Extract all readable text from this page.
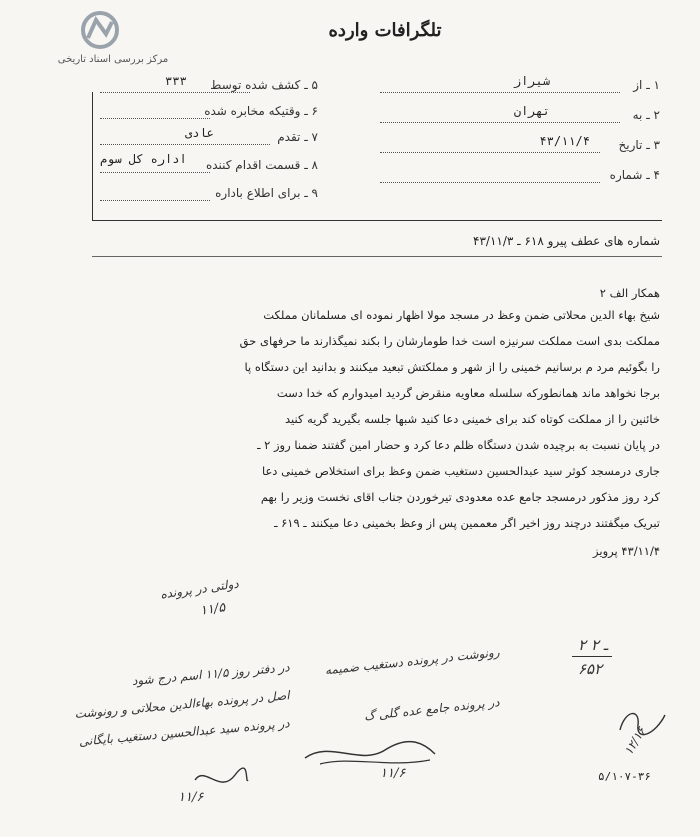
مرکز بررسی اسناد تاریخی
تلگرافات وارده
۱ ـ از
شیراز
۲ ـ به
تهران
۳ ـ تاریخ
۴۳/۱۱/۴
۴ ـ شماره
۵ ـ کشف شده توسط
۳۳۳
۶ ـ وقتیکه مخابره شده
۷ ـ تقدم
عادی
۸ ـ قسمت اقدام کننده
اداره کل سوم
۹ ـ برای اطلاع باداره
شماره های عطف پیرو ۶۱۸ ـ ۴۳/۱۱/۳
همکار الف ۲
شیخ بهاء الدین محلاتی ضمن وعظ در مسجد مولا اظهار نموده ای مسلمانان مملکت
مملکت بدی است مملکت سرنیزه است خدا طومارشان را بکند نمیگذارند ما حرفهای حق
را بگوئیم مرد م برسانیم خمینی را از شهر و مملکتش تبعید میکنند و بدانید این دستگاه پا
برجا نخواهد ماند همانطورکه سلسله معاویه منقرض گردید امیدوارم که خدا دست
خائنین را از مملکت کوتاه کند برای خمینی دعا کنید شبها جلسه بگیرید گریه کنید
در پایان نسبت به برچیده شدن دستگاه ظلم دعا کرد و حضار امین گفتند ضمنا روز ۲ ـ
جاری درمسجد کوثر سید عبدالحسین دستغیب ضمن وعظ برای استخلاص خمینی دعا
کرد روز مذکور درمسجد جامع عده معدودی تیرخوردن جناب اقای نخست وزیر را بهم
تبریک میگفتند درچند روز اخیر اگر معممین پس از وعظ بخمینی دعا میکنند ـ ۶۱۹ ـ
۴۳/۱۱/۴ پرویز
دولتی در پرونده
۱۱/۵
۲ ـ ۲
۶۵۲
در دفتر روز ۱۱/۵ اسم درج شود
اصل در پرونده بهاءالدین محلاتی و رونوشت
در پرونده سید عبدالحسین دستغیب بایگانی
۱۱/۶
رونوشت در پرونده دستغیب ضمیمه
در پرونده جامع عده گلی گ
۱۱/۶
۱۲/۱۶
۵/۱۰۷-۳۶
